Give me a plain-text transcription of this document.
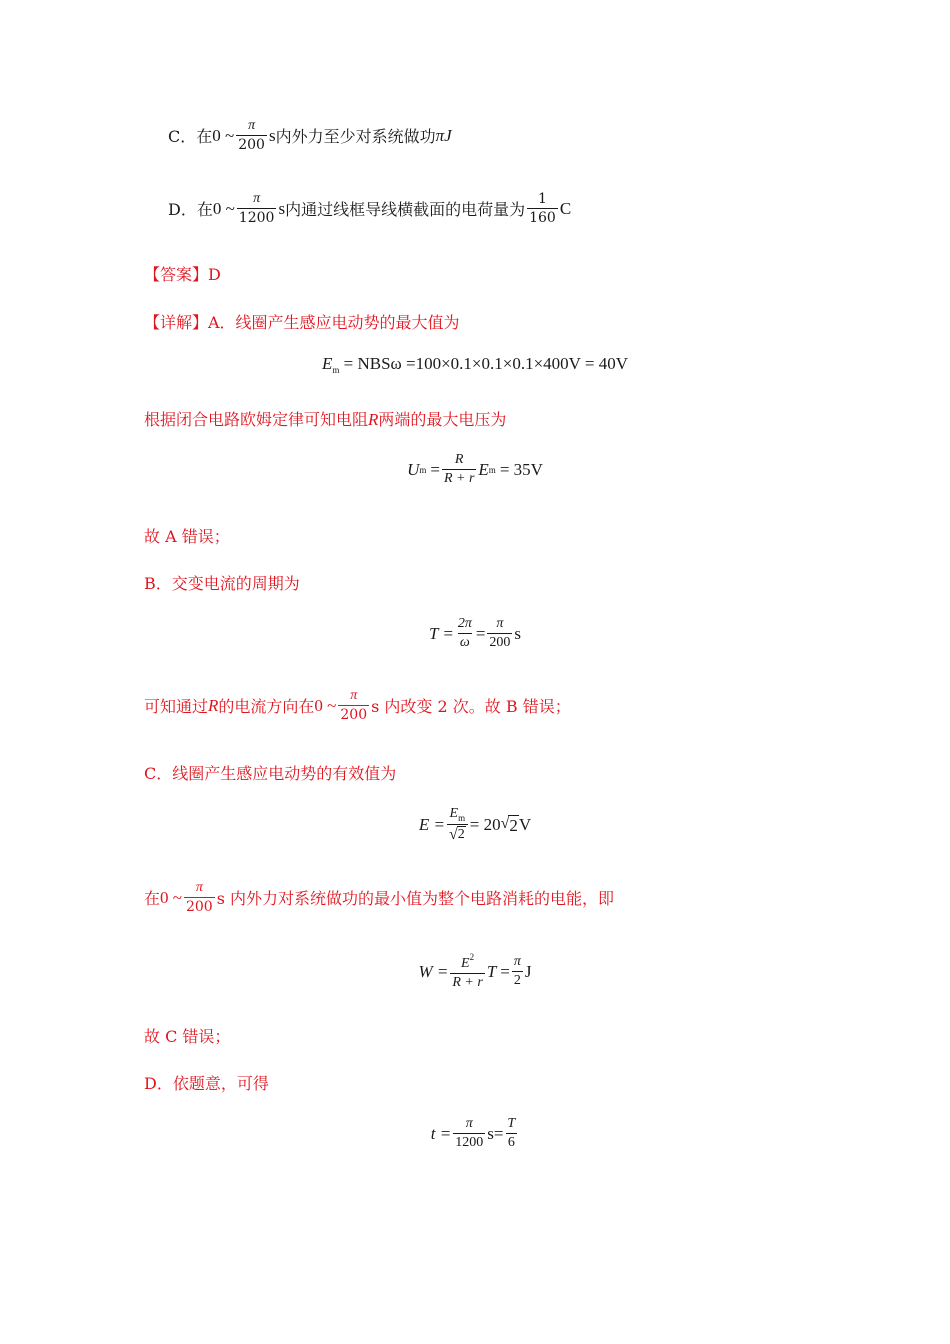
C．在 0 ~ $\frac{\pi}{200}$ s 内外力至少对系统做功 πJ
D．在 0 ~ $\frac{\pi}{1200}$ s 内通过线框导线横截面的电荷量为 $\frac{1}{160}$ C
【答案】D
【详解】A．线圈产生感应电动势的最大值为
$E_m = NBS\omega =100\times 0.1\times 0.1\times 0.1\times 400V = 40V$
根据闭合电路欧姆定律可知电阻R两端的最大电压为
U $m = \frac{R}{R + r}$ E m = 35V
故 A 错误；
B．交变电流的周期为
$T = \frac{2\pi}{\omega} = \frac{\pi}{200}$ s
可知通过 R 的电流方向在 0 ~ $\frac{\pi}{200}$ s 内改变 2 次。故 B 错误；
C．线圈产生感应电动势的有效值为
$E = \frac{E_m}{√ 2} = 20$ √ 2 V
在 0 ~ $\frac{\pi}{200}$ s 内外力对系统做功的最小值为整个电路消耗的电能，即
$W = \frac{E^2}{R + r}$ $T = \frac{\pi}{2}$ J
故 C 错误；
D．依题意，可得
$t = \frac{\pi}{1200} s= \frac{T}{6}$
